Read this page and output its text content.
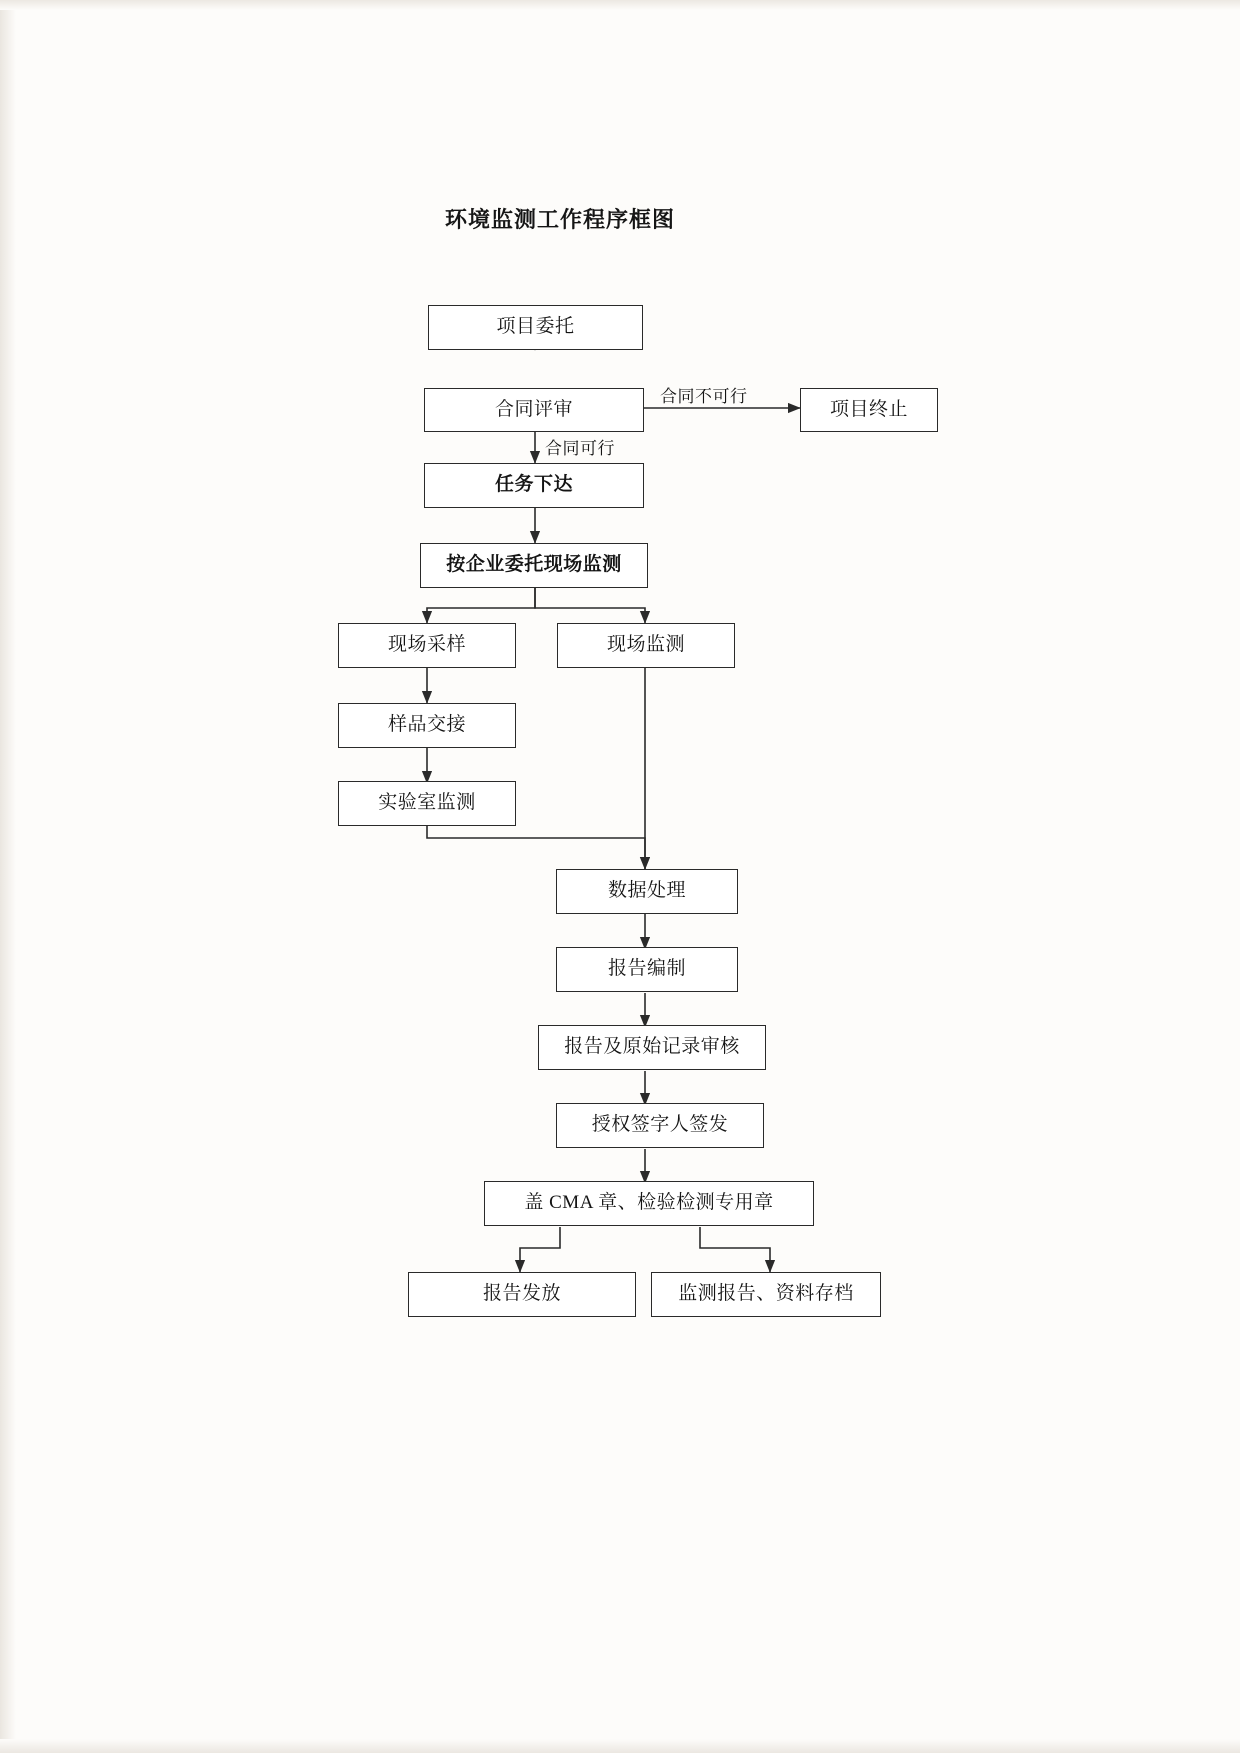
环境监测工作程序框图
项目委托
合同评审	项目终止
任务下达
按企业委托现场监测
现场采样	现场监测
样品交接
实验室监测
数据处理
报告编制
报告及原始记录审核
授权签字人签发
盖 CMA 章、检验检测专用章
报告发放	监测报告、资料存档
合同不可行
合同可行
